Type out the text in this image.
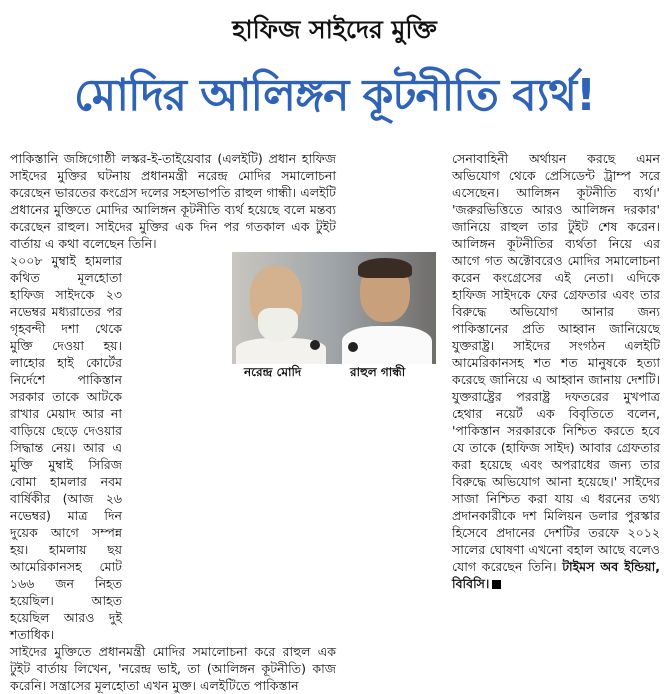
হাফিজ সাইদের মুক্তি
মোদির আলিঙ্গন কূটনীতি ব্যর্থ!

পাকিস্তানি জঙ্গিগোষ্ঠী লস্কর-ই-তাইয়েবার (এলইটি) প্রধান হাফিজ সাইদের মুক্তির ঘটনায় প্রধানমন্ত্রী নরেন্দ্র মোদির সমালোচনা করেছেন ভারতের কংগ্রেস দলের সহসভাপতি রাহুল গান্ধী। এলইটি প্রধানের মুক্তিতে মোদির আলিঙ্গন কূটনীতি ব্যর্থ হয়েছে বলে মন্তব্য করেছেন রাহুল। সাইদের মুক্তির এক দিন পর গতকাল এক টুইট বার্তায় এ কথা বলেছেন তিনি।

২০০৮ মুম্বাই হামলার কথিত মূলহোতা হাফিজ সাইদকে ২৩ নভেম্বর মধ্যরাতের পর গৃহবন্দী দশা থেকে মুক্তি দেওয়া হয়। লাহোর হাই কোর্টের নির্দেশে পাকিস্তান সরকার তাকে আটকে রাখার মেয়াদ আর না বাড়িয়ে ছেড়ে দেওয়ার সিদ্ধান্ত নেয়। আর এ মুক্তি মুম্বাই সিরিজ বোমা হামলার নবম বার্ষিকীর (আজ ২৬ নভেম্বর) মাত্র দিন দুয়েক আগে সম্পন্ন হয়। হামলায় ছয় আমেরিকানসহ মোট ১৬৬ জন নিহত হয়েছিল। আহত হয়েছিল আরও দুই শতাধিক।

সাইদের মুক্তিতে প্রধানমন্ত্রী মোদির সমালোচনা করে রাহুল এক টুইট বার্তায় লিখেন, 'নরেন্দ্র ভাই, তা (আলিঙ্গন কূটনীতি) কাজ করেনি। সন্ত্রাসের মূলহোতা এখন মুক্ত। এলইটিতে পাকিস্তান

সেনাবাহিনী অর্থায়ন করছে এমন অভিযোগ থেকে প্রেসিডেন্ট ট্রাম্প সরে এসেছেন। আলিঙ্গন কূটনীতি ব্যর্থ।' 'জরুরভিত্তিতে আরও আলিঙ্গন দরকার' জানিয়ে রাহুল তার টুইট শেষ করেন। আলিঙ্গন কূটনীতির ব্যর্থতা নিয়ে এর আগে গত অক্টোবরেও মোদির সমালোচনা করেন কংগ্রেসের এই নেতা। এদিকে হাফিজ সাইদকে ফের গ্রেফতার এবং তার বিরুদ্ধে অভিযোগ আনার জন্য পাকিস্তানের প্রতি আহ্বান জানিয়েছে যুক্তরাষ্ট্র। সাইদের সংগঠন এলইটি আমেরিকানসহ শত শত মানুষকে হত্যা করেছে জানিয়ে এ আহ্বান জানায় দেশটি। যুক্তরাষ্ট্রের পররাষ্ট্র দফতরের মুখপাত্র হেথার নয়ের্ট এক বিবৃতিতে বলেন, 'পাকিস্তান সরকারকে নিশ্চিত করতে হবে যে তাকে (হাফিজ সাইদ) আবার গ্রেফতার করা হয়েছে এবং অপরাধের জন্য তার বিরুদ্ধে অভিযোগ আনা হয়েছে।' সাইদের সাজা নিশ্চিত করা যায় এ ধরনের তথ্য প্রদানকারীকে দশ মিলিয়ন ডলার পুরস্কার হিসেবে প্রদানের দেশটির তরফে ২০১২ সালের ঘোষণা এখনো বহাল আছে বলেও যোগ করেছেন তিনি। টাইমস অব ইন্ডিয়া, বিবিসি।

নরেন্দ্র মোদি	রাহুল গান্ধী
